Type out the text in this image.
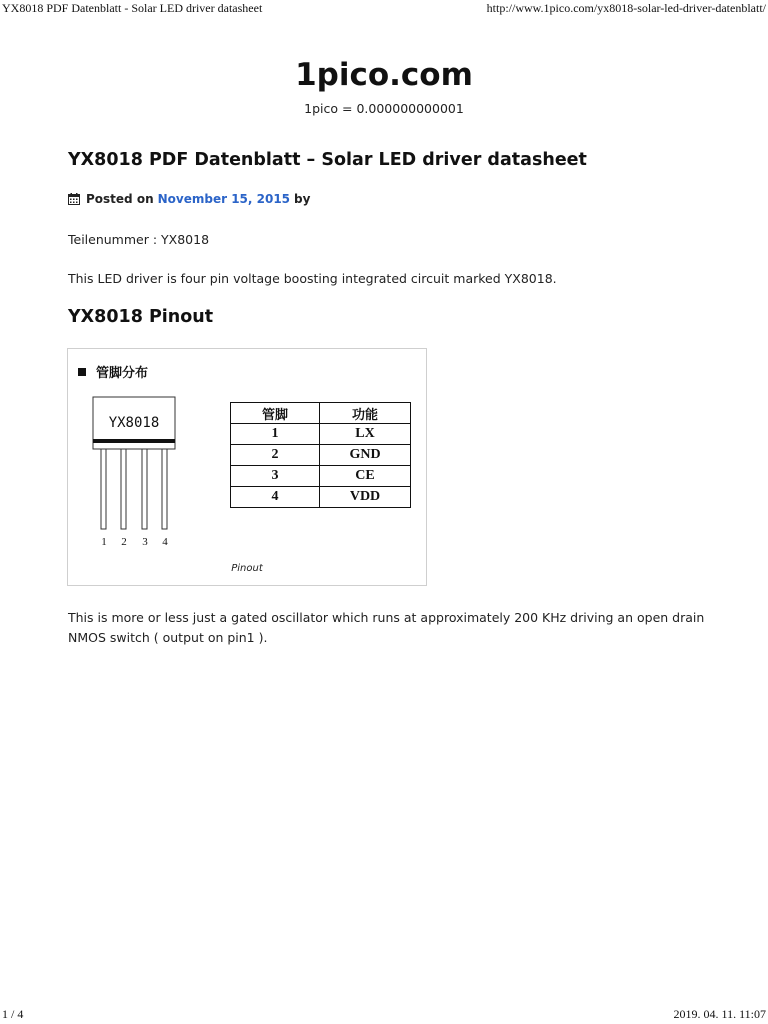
YX8018 PDF Datenblatt - Solar LED driver datasheet	http://www.1pico.com/yx8018-solar-led-driver-datenblatt/
1pico.com
1pico = 0.000000000001
YX8018 PDF Datenblatt – Solar LED driver datasheet
Posted on November 15, 2015 by

Teilenummer : YX8018

This LED driver is four pin voltage boosting integrated circuit marked YX8018.

YX8018 Pinout
管脚分布
YX8018
1 2 3 4
管脚	功能
1	LX
2	GND
3	CE
4	VDD
Pinout

This is more or less just a gated oscillator which runs at approximately 200 KHz driving an open drain NMOS switch ( output on pin1 ).

1 / 4	2019. 04. 11. 11:07
